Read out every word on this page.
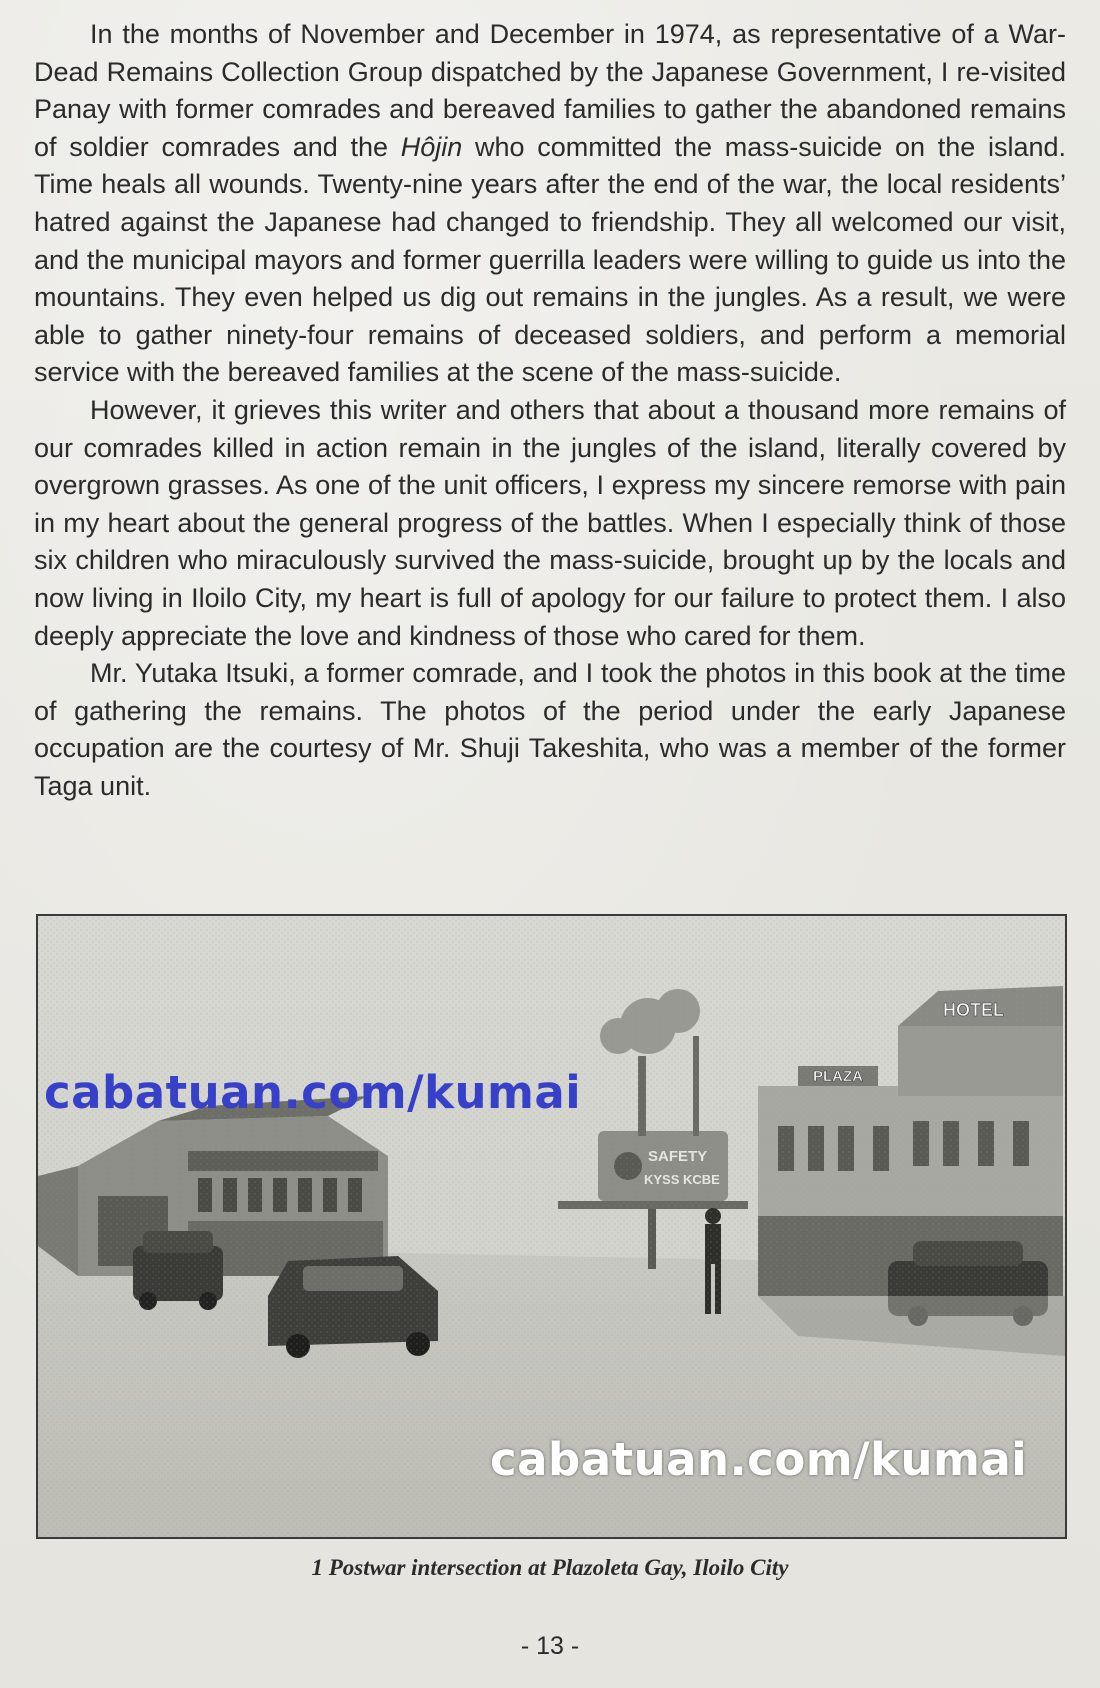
In the months of November and December in 1974, as representative of a War-Dead Remains Collection Group dispatched by the Japanese Government, I re-visited Panay with former comrades and bereaved families to gather the abandoned remains of soldier comrades and the Hôjin who committed the mass-suicide on the island. Time heals all wounds. Twenty-nine years after the end of the war, the local residents’ hatred against the Japanese had changed to friendship. They all welcomed our visit, and the municipal mayors and former guerrilla leaders were willing to guide us into the mountains. They even helped us dig out remains in the jungles. As a result, we were able to gather ninety-four remains of deceased soldiers, and perform a memorial service with the bereaved families at the scene of the mass-suicide.

However, it grieves this writer and others that about a thousand more remains of our comrades killed in action remain in the jungles of the island, literally covered by overgrown grasses. As one of the unit officers, I express my sincere remorse with pain in my heart about the general progress of the battles. When I especially think of those six children who miraculously survived the mass-suicide, brought up by the locals and now living in Iloilo City, my heart is full of apology for our failure to protect them. I also deeply appreciate the love and kindness of those who cared for them.

Mr. Yutaka Itsuki, a former comrade, and I took the photos in this book at the time of gathering the remains. The photos of the period under the early Japanese occupation are the courtesy of Mr. Shuji Takeshita, who was a member of the former Taga unit.

cabatuan.com/kumai
cabatuan.com/kumai
1 Postwar intersection at Plazoleta Gay, Iloilo City
- 13 -
